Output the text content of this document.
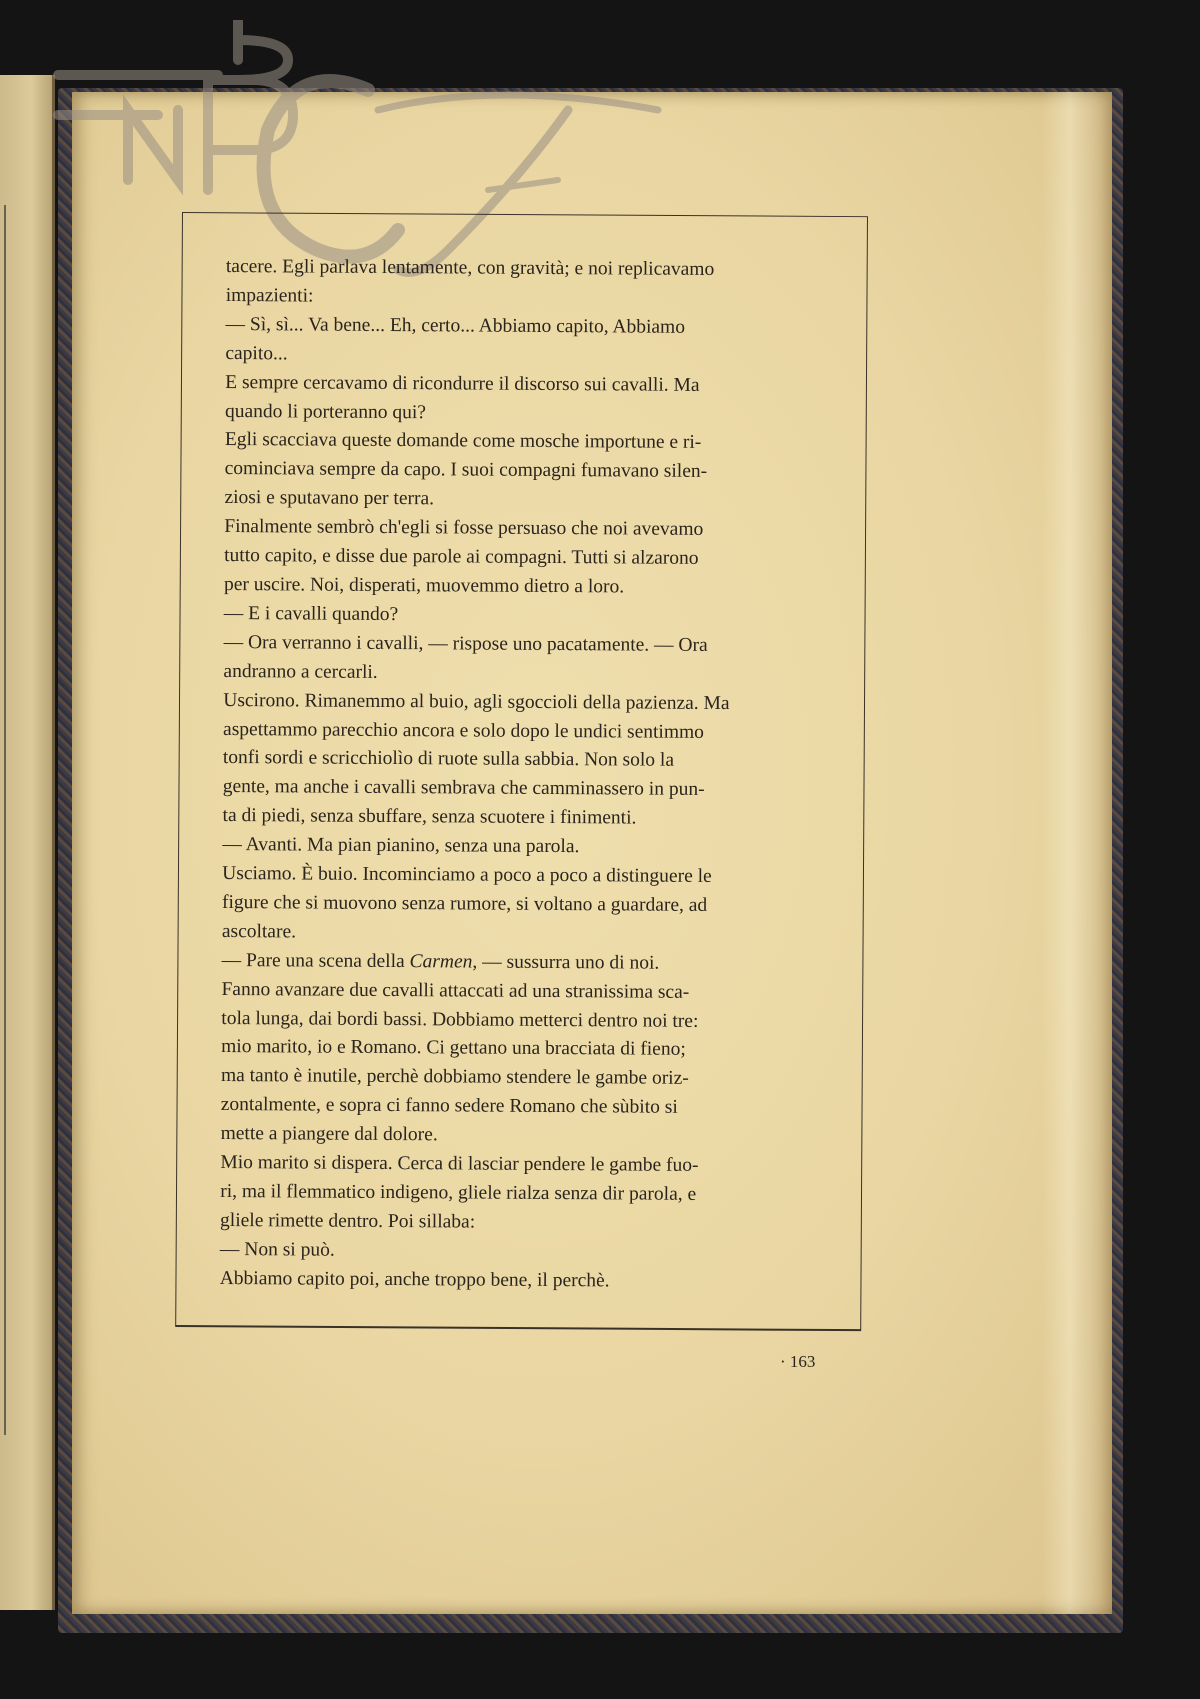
tacere. Egli parlava lentamente, con gravità; e noi replicavamo

impazienti:

— Sì, sì... Va bene... Eh, certo... Abbiamo capito, Abbiamo

capito...

E sempre cercavamo di ricondurre il discorso sui cavalli. Ma

quando li porteranno qui?

Egli scacciava queste domande come mosche importune e ri-

cominciava sempre da capo. I suoi compagni fumavano silen-

ziosi e sputavano per terra.

Finalmente sembrò ch'egli si fosse persuaso che noi avevamo

tutto capito, e disse due parole ai compagni. Tutti si alzarono

per uscire. Noi, disperati, muovemmo dietro a loro.

— E i cavalli quando?

— Ora verranno i cavalli, — rispose uno pacatamente. — Ora

andranno a cercarli.

Uscirono. Rimanemmo al buio, agli sgoccioli della pazienza. Ma

aspettammo parecchio ancora e solo dopo le undici sentimmo

tonfi sordi e scricchiolìo di ruote sulla sabbia. Non solo la

gente, ma anche i cavalli sembrava che camminassero in pun-

ta di piedi, senza sbuffare, senza scuotere i finimenti.

— Avanti. Ma pian pianino, senza una parola.

Usciamo. È buio. Incominciamo a poco a poco a distinguere le

figure che si muovono senza rumore, si voltano a guardare, ad

ascoltare.

— Pare una scena della Carmen, — sussurra uno di noi.

Fanno avanzare due cavalli attaccati ad una stranissima sca-

tola lunga, dai bordi bassi. Dobbiamo metterci dentro noi tre:

mio marito, io e Romano. Ci gettano una bracciata di fieno;

ma tanto è inutile, perchè dobbiamo stendere le gambe oriz-

zontalmente, e sopra ci fanno sedere Romano che sùbito si

mette a piangere dal dolore.

Mio marito si dispera. Cerca di lasciar pendere le gambe fuo-

ri, ma il flemmatico indigeno, gliele rialza senza dir parola, e

gliele rimette dentro. Poi sillaba:

— Non si può.

Abbiamo capito poi, anche troppo bene, il perchè.

· 163
